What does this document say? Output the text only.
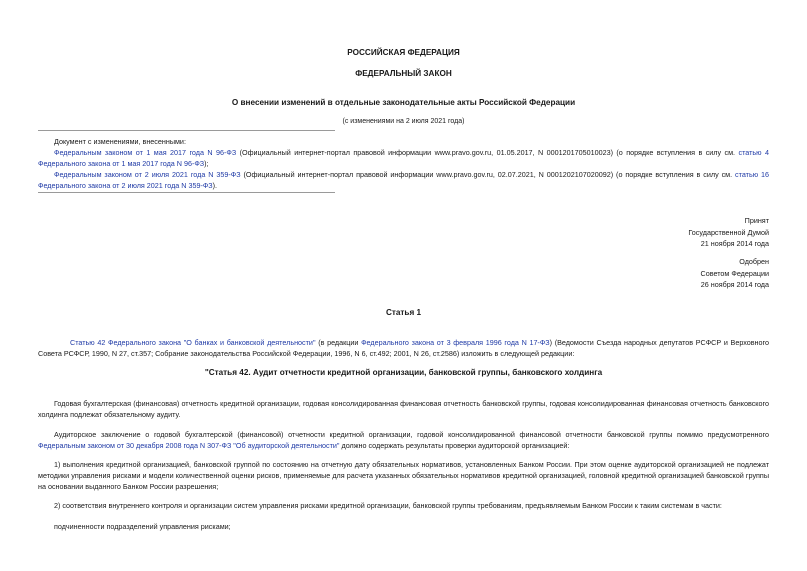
РОССИЙСКАЯ ФЕДЕРАЦИЯ
ФЕДЕРАЛЬНЫЙ ЗАКОН
О внесении изменений в отдельные законодательные акты Российской Федерации
(с изменениями на 2 июля 2021 года)

Документ с изменениями, внесенными:

Федеральным законом от 1 мая 2017 года N 96-ФЗ (Официальный интернет-портал правовой информации www.pravo.gov.ru, 01.05.2017, N 0001201705010023) (о порядке вступления в силу см. статью 4 Федерального закона от 1 мая 2017 года N 96-ФЗ);

Федеральным законом от 2 июля 2021 года N 359-ФЗ (Официальный интернет-портал правовой информации www.pravo.gov.ru, 02.07.2021, N 0001202107020092) (о порядке вступления в силу см. статью 16 Федерального закона от 2 июля 2021 года N 359-ФЗ).

Принят
Государственной Думой
21 ноября 2014 года
Одобрен
Советом Федерации
26 ноября 2014 года
Статья 1

Статью 42 Федерального закона "О банках и банковской деятельности" (в редакции Федерального закона от 3 февраля 1996 года N 17-ФЗ) (Ведомости Съезда народных депутатов РСФСР и Верховного Совета РСФСР, 1990, N 27, ст.357; Собрание законодательства Российской Федерации, 1996, N 6, ст.492; 2001, N 26, ст.2586) изложить в следующей редакции:

"Статья 42. Аудит отчетности кредитной организации, банковской группы, банковского холдинга

Годовая бухгалтерская (финансовая) отчетность кредитной организации, годовая консолидированная финансовая отчетность банковской группы, годовая консолидированная финансовая отчетность банковского холдинга подлежат обязательному аудиту.

Аудиторское заключение о годовой бухгалтерской (финансовой) отчетности кредитной организации, годовой консолидированной финансовой отчетности банковской группы помимо предусмотренного Федеральным законом от 30 декабря 2008 года N 307-ФЗ "Об аудиторской деятельности" должно содержать результаты проверки аудиторской организацией:

1) выполнения кредитной организацией, банковской группой по состоянию на отчетную дату обязательных нормативов, установленных Банком России. При этом оценке аудиторской организацией не подлежат методики управления рисками и модели количественной оценки рисков, применяемые для расчета указанных обязательных нормативов кредитной организацией, головной кредитной организацией банковской группы на основании выданного Банком России разрешения;

2) соответствия внутреннего контроля и организации систем управления рисками кредитной организации, банковской группы требованиям, предъявляемым Банком России к таким системам в части:

подчиненности подразделений управления рисками;
